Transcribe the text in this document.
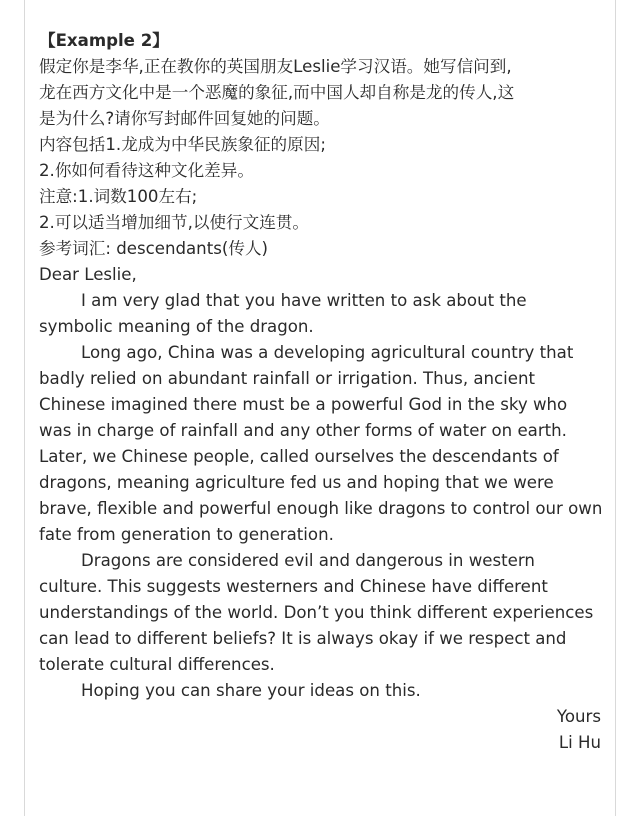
【Example 2】

假定你是李华,正在教你的英国朋友Leslie学习汉语。她写信问到,

龙在西方文化中是一个恶魔的象征,而中国人却自称是龙的传人,这

是为什么?请你写封邮件回复她的问题。

内容包括1.龙成为中华民族象征的原因;

2.你如何看待这种文化差异。

注意:1.词数100左右;

2.可以适当增加细节,以使行文连贯。

参考词汇: descendants(传人)

Dear Leslie,

I am very glad that you have written to ask about the symbolic meaning of the dragon.

Long ago, China was a developing agricultural country that badly relied on abundant rainfall or irrigation. Thus, ancient Chinese imagined there must be a powerful God in the sky who was in charge of rainfall and any other forms of water on earth. Later, we Chinese people, called ourselves the descendants of dragons, meaning agriculture fed us and hoping that we were brave, flexible and powerful enough like dragons to control our own fate from generation to generation.

Dragons are considered evil and dangerous in western culture. This suggests westerners and Chinese have different understandings of the world. Don’t you think different experiences can lead to different beliefs? It is always okay if we respect and tolerate cultural differences.

Hoping you can share your ideas on this.

Yours

Li Hu
